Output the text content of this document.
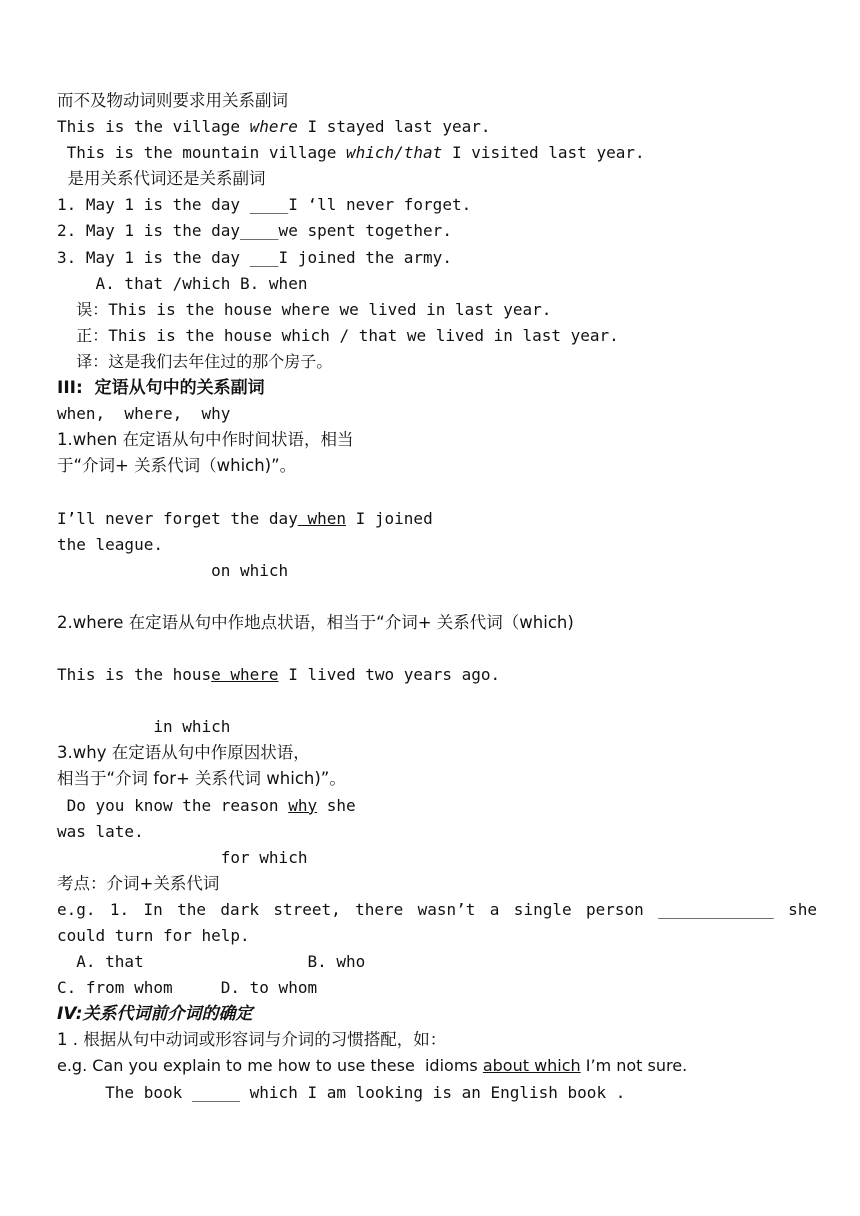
而不及物动词则要求用关系副词
This is the village where I stayed last year.
This is the mountain village which/that I visited last year.
是用关系代词还是关系副词
1. May 1 is the day ____I ‘ll never forget.
2. May 1 is the day____we spent together.
3. May 1 is the day ___I joined the army.
A. that /which B. when
误：This is the house where we lived in last year.
正：This is the house which / that we lived in last year.
译：这是我们去年住过的那个房子。
III:  定语从句中的关系副词
when,  where,  why
1.when 在定语从句中作时间状语，相当
于“介词+ 关系代词（which)”。
I’ll never forget the day when I joined
the league.
on which
2.where 在定语从句中作地点状语，相当于“介词+ 关系代词（which)
This is the house where I lived two years ago.
in which
3.why 在定语从句中作原因状语，
相当于“介词 for+ 关系代词 which)”。
Do you know the reason why she
was late.
for which
考点：介词+关系代词
e.g. 1. In the dark street, there wasn’t a single person ____________ she
could turn for help.
A. that                 B. who
C. from whom     D. to whom
IV:关系代词前介词的确定
1 . 根据从句中动词或形容词与介词的习惯搭配，如：
e.g. Can you explain to me how to use these  idioms about which I’m not sure.
The book _____ which I am looking is an English book .
